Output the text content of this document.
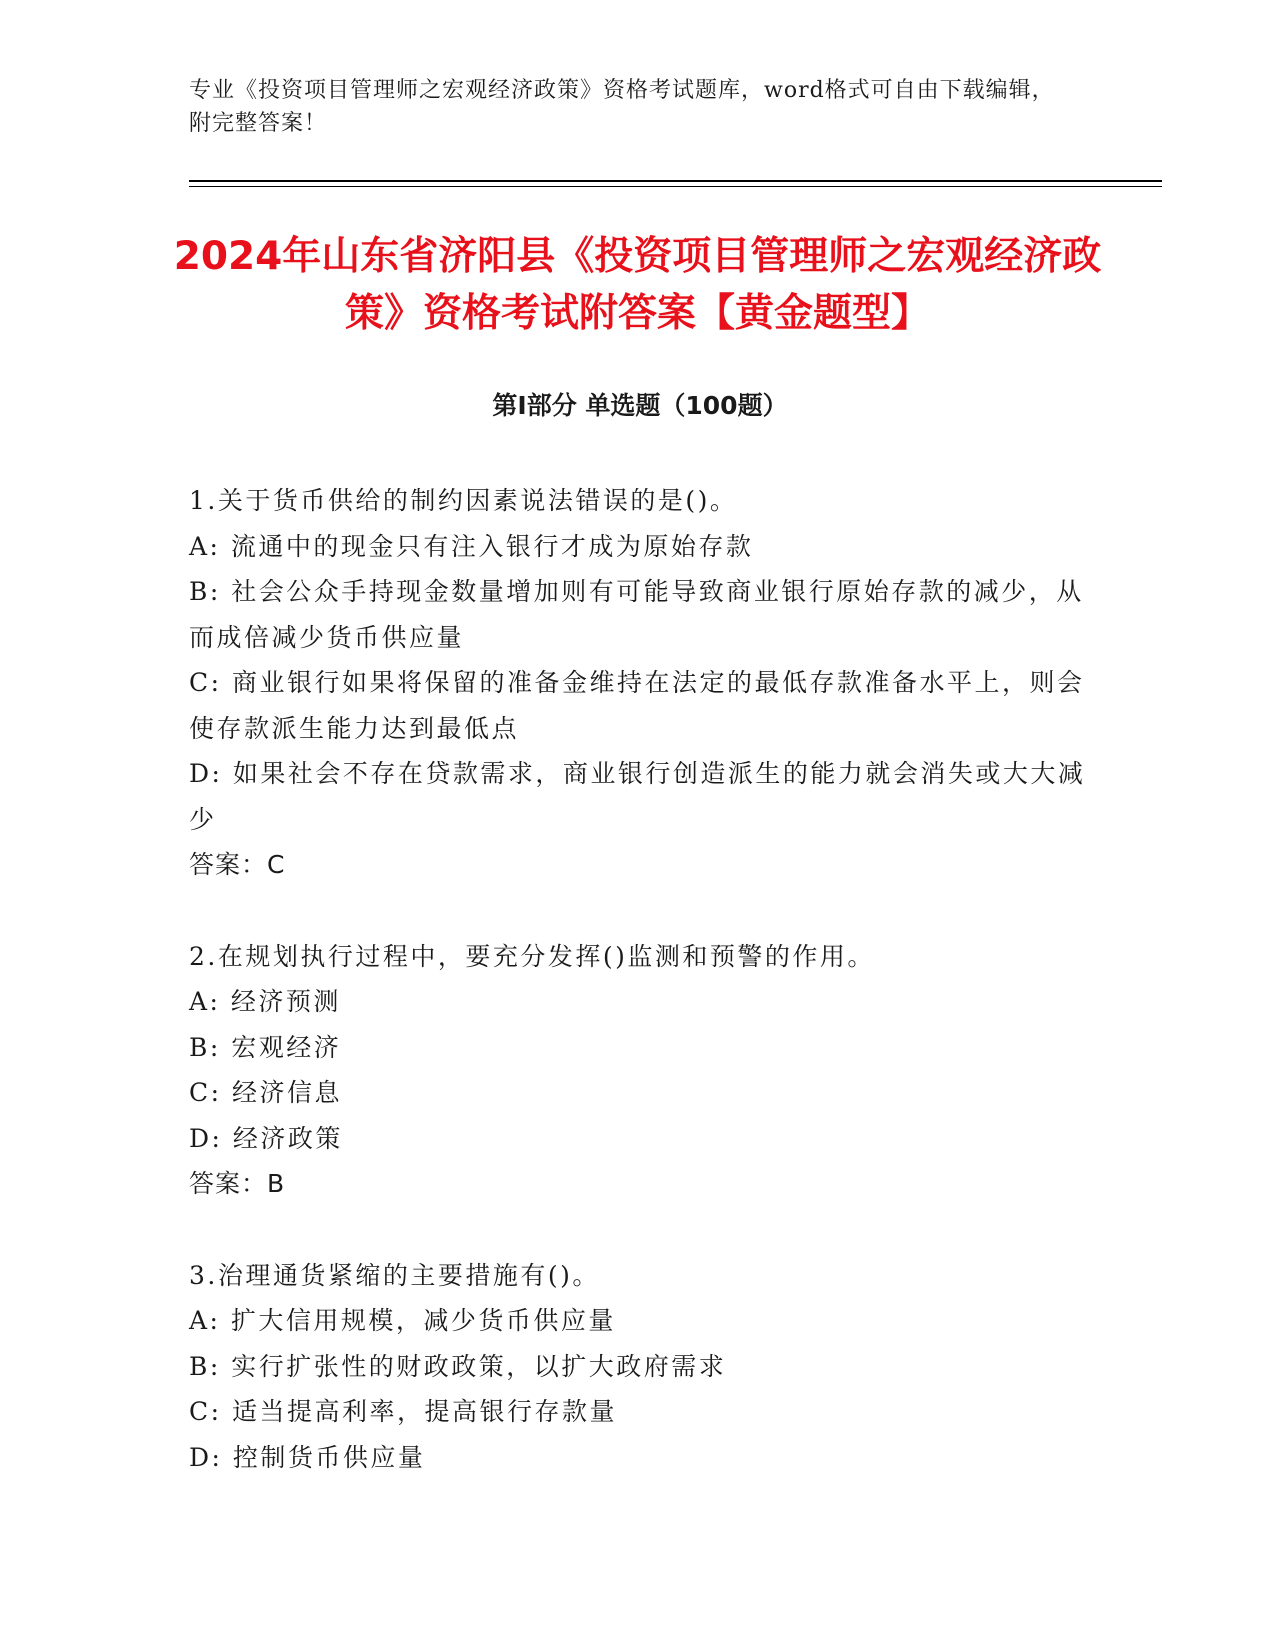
专业《投资项目管理师之宏观经济政策》资格考试题库，word格式可自由下载编辑，附完整答案！
2024年山东省济阳县《投资项目管理师之宏观经济政策》资格考试附答案【黄金题型】
第I部分 单选题（100题）

1.关于货币供给的制约因素说法错误的是()。

A: 流通中的现金只有注入银行才成为原始存款

B: 社会公众手持现金数量增加则有可能导致商业银行原始存款的减少，从而成倍减少货币供应量

C: 商业银行如果将保留的准备金维持在法定的最低存款准备水平上，则会使存款派生能力达到最低点

D: 如果社会不存在贷款需求，商业银行创造派生的能力就会消失或大大减少

答案：C

2.在规划执行过程中，要充分发挥()监测和预警的作用。

A: 经济预测

B: 宏观经济

C: 经济信息

D: 经济政策

答案：B

3.治理通货紧缩的主要措施有()。

A: 扩大信用规模，减少货币供应量

B: 实行扩张性的财政政策，以扩大政府需求

C: 适当提高利率，提高银行存款量

D: 控制货币供应量
